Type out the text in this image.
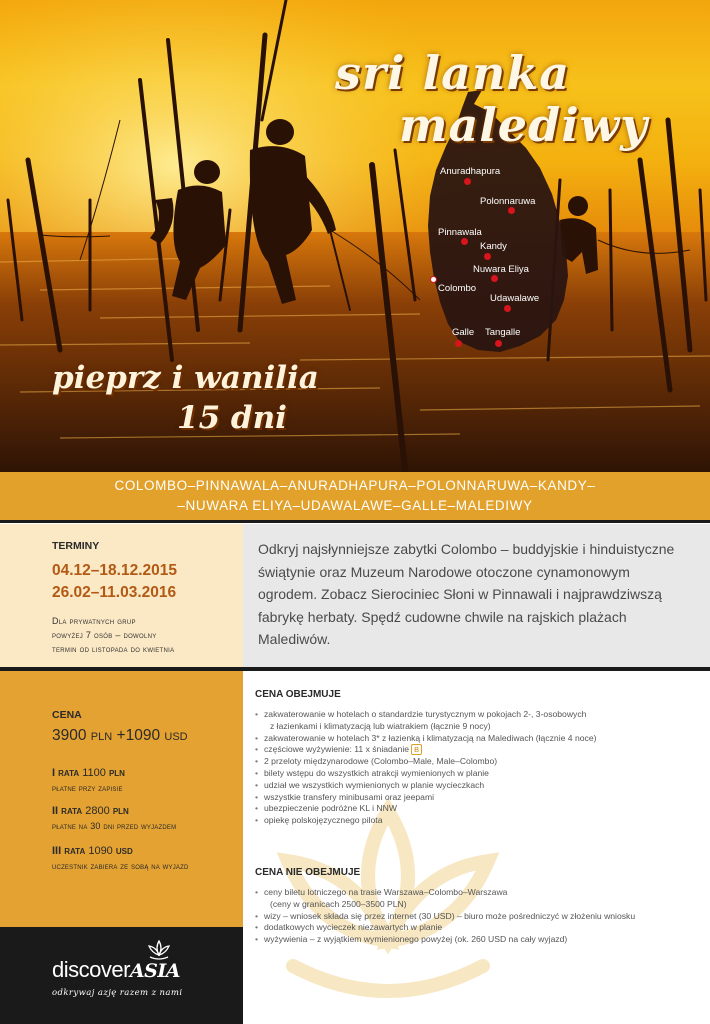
sri lanka
malediwy
Anuradhapura
Polonnaruwa
Pinnawala
Kandy
Nuwara Eliya
Colombo
Udawalawe
Galle Tangalle
pieprz i wanilia
15 dni
COLOMBO–PINNAWALA–ANURADHAPURA–POLONNARUWA–KANDY–
–NUWARA ELIYA–UDAWALAWE–GALLE–MALEDIWY
TERMINY
04.12–18.12.2015
26.02–11.03.2016
Dla prywatnych grup
powyżej 7 osób – dowolny
termin od listopada do kwietnia
Odkryj najsłynniejsze zabytki Colombo – buddyjskie i hinduistyczne świątynie oraz Muzeum Narodowe otoczone cynamonowym ogrodem. Zobacz Sierociniec Słoni w Pinnawali i najprawdziwszą fabrykę herbaty. Spędź cudowne chwile na rajskich plażach Malediwów.
CENA
3900 PLN +1090 USD
I rata 1100 PLN
płatne przy zapisie
II rata 2800 PLN
płatne na 30 dni przed wyjazdem
III rata 1090 USD
uczestnik zabiera ze sobą na wyjazd
discoverASIA
odkrywaj azję razem z nami
CENA OBEJMUJE
• zakwaterowanie w hotelach o standardzie turystycznym w pokojach 2-, 3-osobowych
z łazienkami i klimatyzacją lub wiatrakiem (łącznie 9 nocy)
• zakwaterowanie w hotelach 3* z łazienką i klimatyzacją na Malediwach (łącznie 4 noce)
• częściowe wyżywienie: 11 x śniadanie B
• 2 przeloty międzynarodowe (Colombo–Male, Male–Colombo)
• bilety wstępu do wszystkich atrakcji wymienionych w planie
• udział we wszystkich wymienionych w planie wycieczkach
• wszystkie transfery minibusami oraz jeepami
• ubezpieczenie podróżne KL i NNW
• opiekę polskojęzycznego pilota
CENA NIE OBEJMUJE
• ceny biletu lotniczego na trasie Warszawa–Colombo–Warszawa
(ceny w granicach 2500–3500 PLN)
• wizy – wniosek składa się przez internet (30 USD) – biuro może pośredniczyć w złożeniu wniosku
• dodatkowych wycieczek niezawartych w planie
• wyżywienia – z wyjątkiem wymienionego powyżej (ok. 260 USD na cały wyjazd)
